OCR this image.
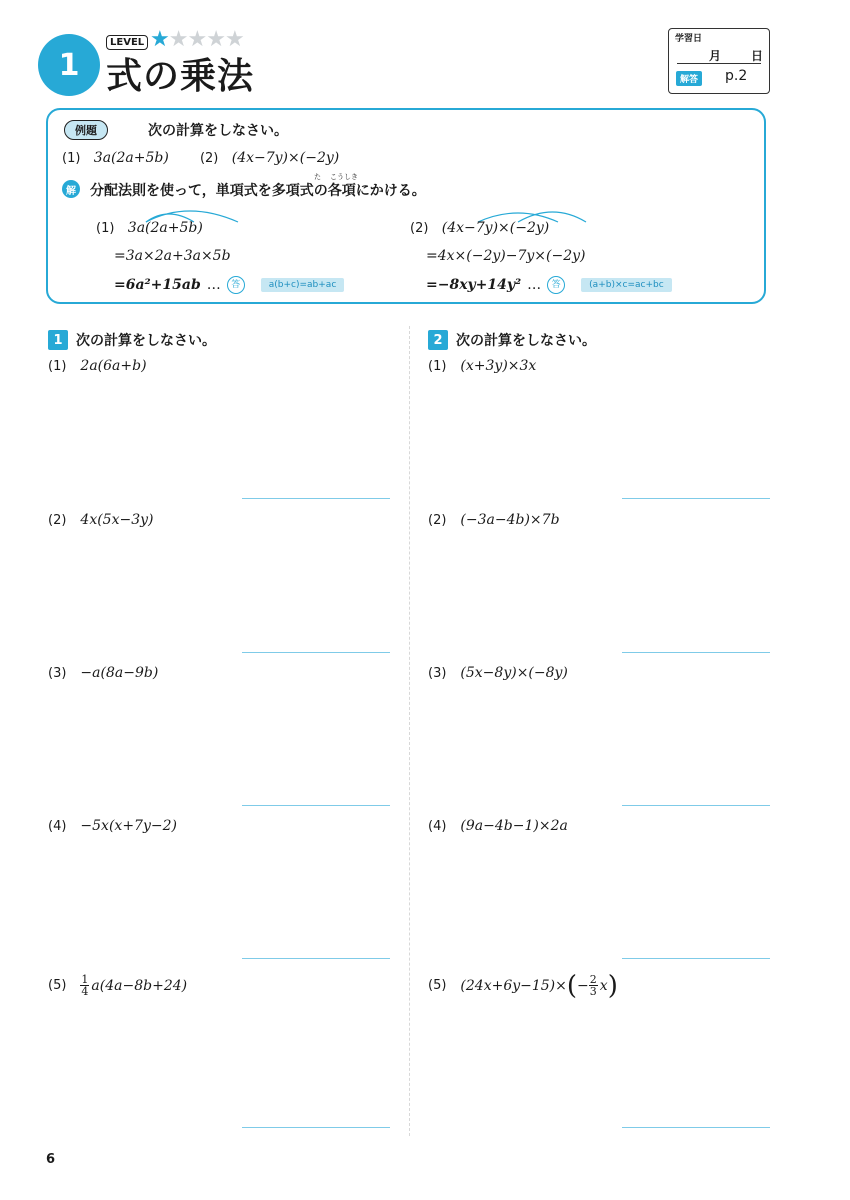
1
LEVEL ★★★★★
式の乗法
学習日
月 日
解答 p.2
例題	次の計算をしなさい。
(1) 3a(2a+5b) (2) (4x−7y)×(−2y)
解
た こうしき
分配法則を使って，単項式を多項式の各項にかける。
(1) 3a(2a+5b)
=3a×2a+3a×5b
=6a²+15ab …	答	a(b+c)=ab+ac
(2) (4x−7y)×(−2y)
=4x×(−2y)−7y×(−2y)
=−8xy+14y² …	答	(a+b)×c=ac+bc
1 次の計算をしなさい。	2 次の計算をしなさい。
(1) 2a(6a+b)
(2) 4x(5x−3y)
(3) −a(8a−9b)
(4) −5x(x+7y−2)
$(5) \frac{1}{4} a(4a-8b+24)$
(1) (x+3y)×3x
(2) (−3a−4b)×7b
(3) (5x−8y)×(−8y)
(4) (9a−4b−1)×2a
(5) (24x+6y−15)× ( − $\frac{2}{3}$ x )
6
